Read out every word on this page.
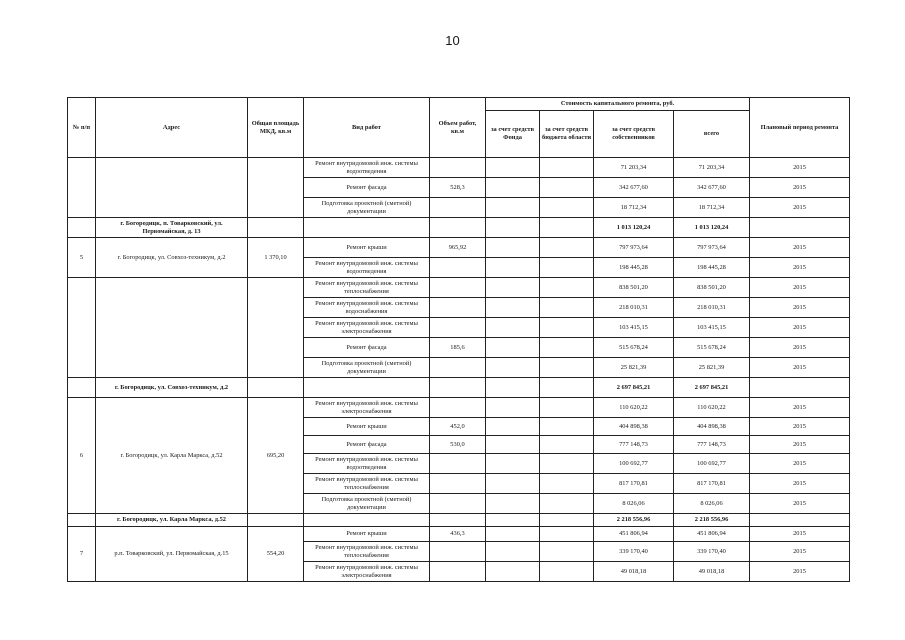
10
№ п/п	Адрес	Общая площадь МКД, кв.м	Вид работ	Объем работ, кв.м	Стоимость капитального ремонта, руб.				Плановый период ремонта
					за счет средств Фонда	за счет средств бюджета области	за счет средств собственников	всего	
			Ремонт внутридомовой инж. системы водоотведения				71 203,34	71 203,34	2015
			Ремонт фасада	528,3			342 677,60	342 677,60	2015
			Подготовка проектной (сметной) документации				18 712,34	18 712,34	2015
	г. Богородицк, п. Товарковский, ул. Первомайская, д. 13						1 013 120,24	1 013 120,24	
5	г. Богородицк, ул. Совхоз-техникум, д.2	1 370,10	Ремонт крыши	965,92			797 973,64	797 973,64	2015
			Ремонт внутридомовой инж. системы водоотведения				198 445,28	198 445,28	2015
			Ремонт внутридомовой инж. системы теплоснабжения				838 501,20	838 501,20	2015
			Ремонт внутридомовой инж. системы водоснабжения				218 010,31	218 010,31	2015
			Ремонт внутридомовой инж. системы электроснабжения				103 415,15	103 415,15	2015
			Ремонт фасада	185,6			515 678,24	515 678,24	2015
			Подготовка проектной (сметной) документации				25 821,39	25 821,39	2015
	г. Богородицк, ул. Совхоз-техникум, д.2						2 697 845,21	2 697 845,21	
6	г. Богородицк, ул. Карла Маркса, д.52	695,20	Ремонт внутридомовой инж. системы электроснабжения				110 620,22	110 620,22	2015
			Ремонт крыши	452,0			404 898,38	404 898,38	2015
			Ремонт фасада	530,0			777 148,73	777 148,73	2015
			Ремонт внутридомовой инж. системы водоотведения				100 692,77	100 692,77	2015
			Ремонт внутридомовой инж. системы теплоснабжения				817 170,81	817 170,81	2015
			Подготовка проектной (сметной) документации				8 026,06	8 026,06	2015
	г. Богородицк, ул. Карла Маркса, д.52						2 218 556,96	2 218 556,96	
7	р.п. Товарковский, ул. Первомайская, д.15	554,20	Ремонт крыши	436,3			451 806,94	451 806,94	2015
			Ремонт внутридомовой инж. системы теплоснабжения				339 170,40	339 170,40	2015
			Ремонт внутридомовой инж. системы электроснабжения				49 018,18	49 018,18	2015
